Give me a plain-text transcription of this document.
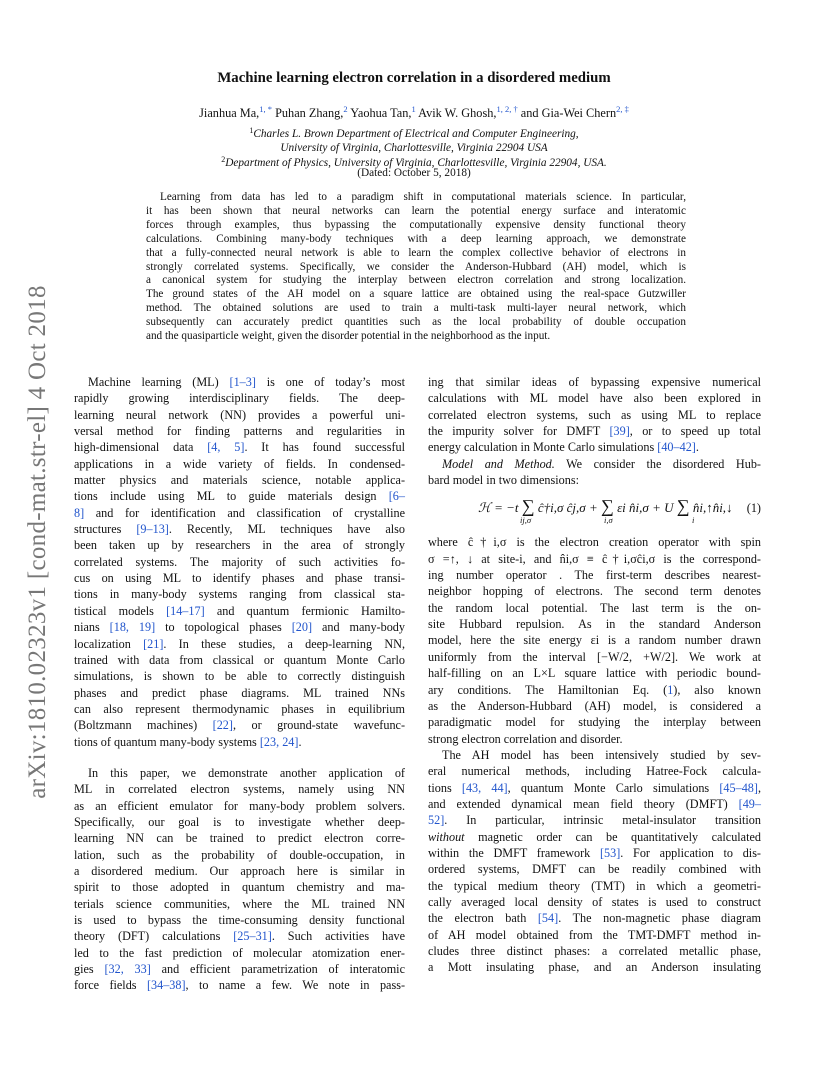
arXiv:1810.02323v1 [cond-mat.str-el] 4 Oct 2018
Machine learning electron correlation in a disordered medium
Jianhua Ma,$^{1, *}$ Puhan Zhang,$^2$ Yaohua Tan,$^1$ Avik W. Ghosh,$^{1, 2, \dagger}$ and Gia-Wei Chern$^{2, \ddagger}$
$^1$Charles L. Brown Department of Electrical and Computer Engineering,
University of Virginia, Charlottesville, Virginia 22904 USA
$^2$Department of Physics, University of Virginia, Charlottesville, Virginia 22904, USA.
(Dated: October 5, 2018)
Learning from data has led to a paradigm shift in computational materials science. In particular,
it has been shown that neural networks can learn the potential energy surface and interatomic
forces through examples, thus bypassing the computationally expensive density functional theory
calculations. Combining many-body techniques with a deep learning approach, we demonstrate
that a fully-connected neural network is able to learn the complex collective behavior of electrons in
strongly correlated systems. Specifically, we consider the Anderson-Hubbard (AH) model, which is
a canonical system for studying the interplay between electron correlation and strong localization.
The ground states of the AH model on a square lattice are obtained using the real-space Gutzwiller
method. The obtained solutions are used to train a multi-task multi-layer neural network, which
subsequently can accurately predict quantities such as the local probability of double occupation
and the quasiparticle weight, given the disorder potential in the neighborhood as the input.
Machine learning (ML) [1–3] is one of today’s most
rapidly growing interdisciplinary fields. The deep-
learning neural network (NN) provides a powerful uni-
versal method for finding patterns and regularities in
high-dimensional data [4, 5]. It has found successful
applications in a wide variety of fields. In condensed-
matter physics and materials science, notable applica-
tions include using ML to guide materials design [6–
8] and for identification and classification of crystalline
structures [9–13]. Recently, ML techniques have also
been taken up by researchers in the area of strongly
correlated systems. The majority of such activities fo-
cus on using ML to identify phases and phase transi-
tions in many-body systems ranging from classical sta-
tistical models [14–17] and quantum fermionic Hamilto-
nians [18, 19] to topological phases [20] and many-body
localization [21]. In these studies, a deep-learning NN,
trained with data from classical or quantum Monte Carlo
simulations, is shown to be able to correctly distinguish
phases and predict phase diagrams. ML trained NNs
can also represent thermodynamic phases in equilibrium
(Boltzmann machines) [22], or ground-state wavefunc-
tions of quantum many-body systems [23, 24].
In this paper, we demonstrate another application of
ML in correlated electron systems, namely using NN
as an efficient emulator for many-body problem solvers.
Specifically, our goal is to investigate whether deep-
learning NN can be trained to predict electron corre-
lation, such as the probability of double-occupation, in
a disordered medium. Our approach here is similar in
spirit to those adopted in quantum chemistry and ma-
terials science communities, where the ML trained NN
is used to bypass the time-consuming density functional
theory (DFT) calculations [25–31]. Such activities have
led to the fast prediction of molecular atomization ener-
gies [32, 33] and efficient parametrization of interatomic
force fields [34–38], to name a few. We note in pass-
ing that similar ideas of bypassing expensive numerical
calculations with ML model have also been explored in
correlated electron systems, such as using ML to replace
the impurity solver for DMFT [39], or to speed up total
energy calculation in Monte Carlo simulations [40–42].
Model and Method. We consider the disordered Hub-
bard model in two dimensions:
ℋ = −t ∑ ĉ†i,σ ĉj,σ + ∑ εi n̂i,σ + U ∑ n̂i,↑n̂i,↓
ij,σ	i,σ	i
(1)
where ĉ†i,σ is the electron creation operator with spin
σ =↑, ↓ at site-i, and n̂i,σ ≡ ĉ†i,σĉi,σ is the correspond-
ing number operator . The first-term describes nearest-
neighbor hopping of electrons. The second term denotes
the random local potential. The last term is the on-
site Hubbard repulsion. As in the standard Anderson
model, here the site energy εi is a random number drawn
uniformly from the interval [−W/2, +W/2]. We work at
half-filling on an L×L square lattice with periodic bound-
ary conditions. The Hamiltonian Eq. (1), also known
as the Anderson-Hubbard (AH) model, is considered a
paradigmatic model for studying the interplay between
strong electron correlation and disorder.
The AH model has been intensively studied by sev-
eral numerical methods, including Hatree-Fock calcula-
tions [43, 44], quantum Monte Carlo simulations [45–48],
and extended dynamical mean field theory (DMFT) [49–
52]. In particular, intrinsic metal-insulator transition
without magnetic order can be quantitatively calculated
within the DMFT framework [53]. For application to dis-
ordered systems, DMFT can be readily combined with
the typical medium theory (TMT) in which a geometri-
cally averaged local density of states is used to construct
the electron bath [54]. The non-magnetic phase diagram
of AH model obtained from the TMT-DMFT method in-
cludes three distinct phases: a correlated metallic phase,
a Mott insulating phase, and an Anderson insulating
